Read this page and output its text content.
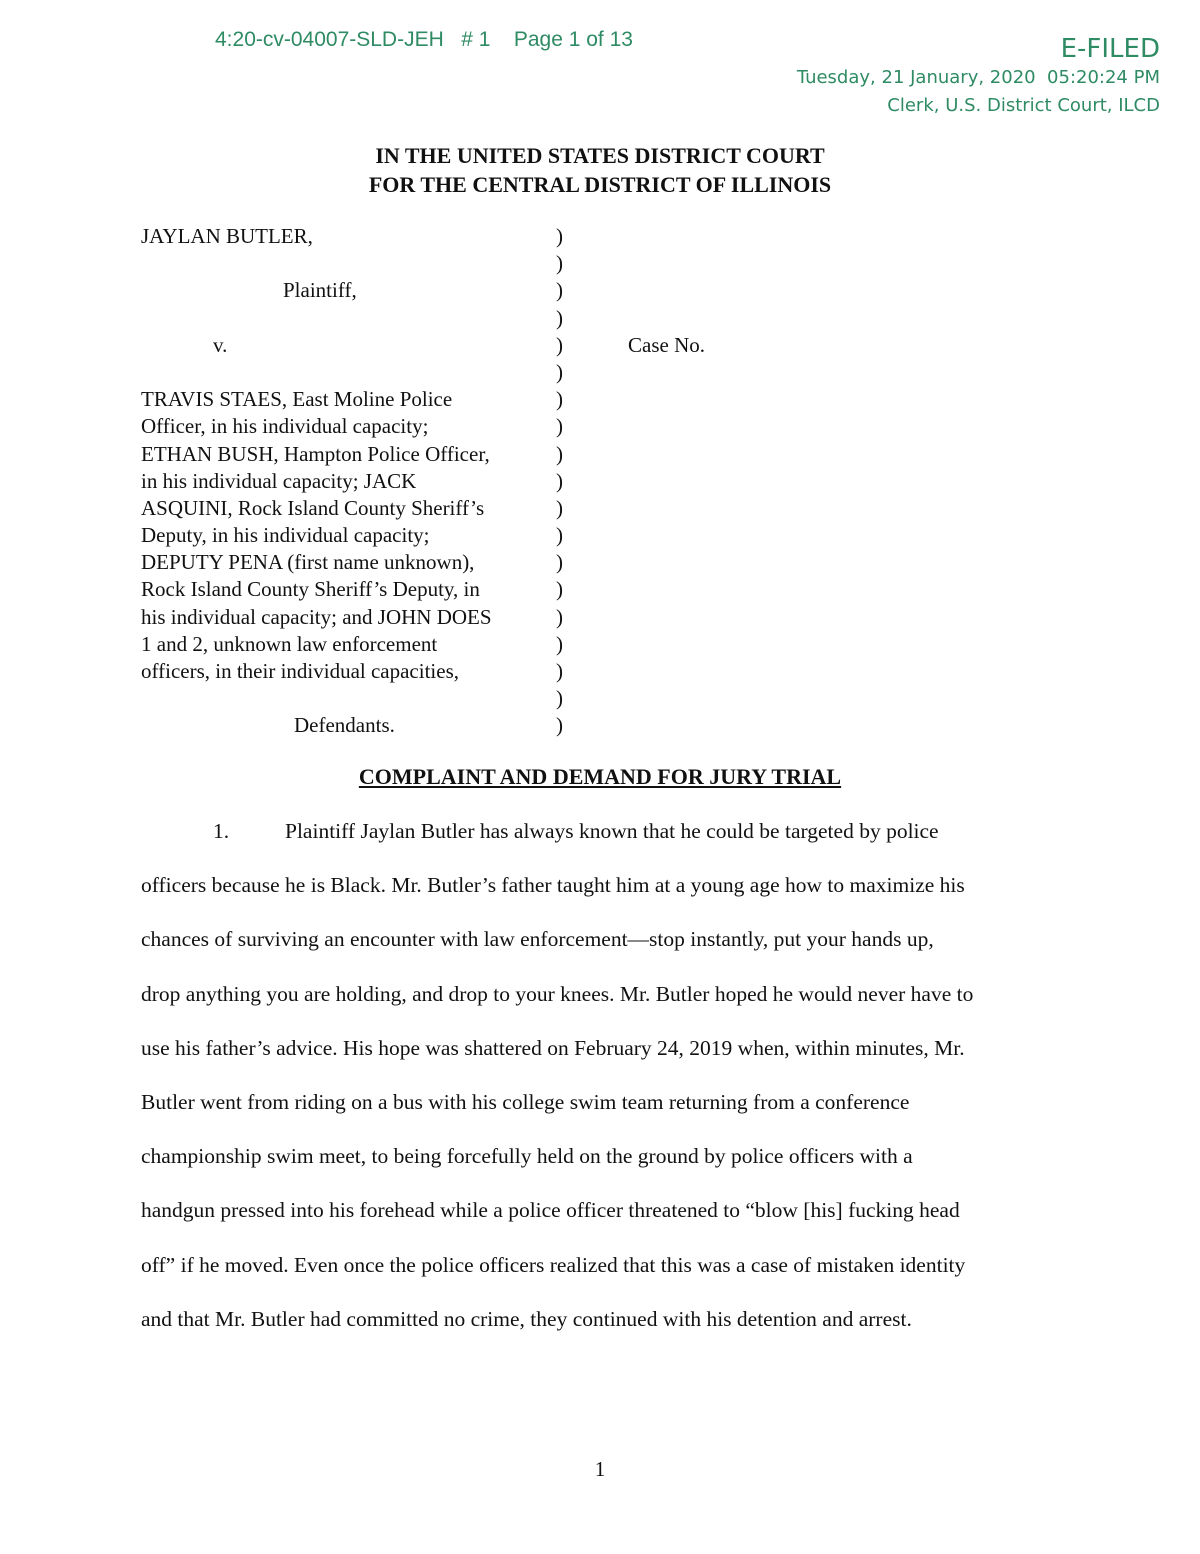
4:20-cv-04007-SLD-JEH # 1 Page 1 of 13	E-FILED
Tuesday, 21 January, 2020  05:20:24 PM
Clerk, U.S. District Court, ILCD
IN THE UNITED STATES DISTRICT COURT
FOR THE CENTRAL DISTRICT OF ILLINOIS
JAYLAN BUTLER,	)
)
Plaintiff,	)
)
v.	)	Case No.
)
TRAVIS STAES, East Moline Police	)
Officer, in his individual capacity;	)
ETHAN BUSH, Hampton Police Officer,	)
in his individual capacity; JACK	)
ASQUINI, Rock Island County Sheriff’s	)
Deputy, in his individual capacity;	)
DEPUTY PENA (first name unknown),	)
Rock Island County Sheriff’s Deputy, in	)
his individual capacity; and JOHN DOES	)
1 and 2, unknown law enforcement	)
officers, in their individual capacities,	)
)
Defendants.	)
COMPLAINT AND DEMAND FOR JURY TRIAL
1.	Plaintiff Jaylan Butler has always known that he could be targeted by police
officers because he is Black. Mr. Butler’s father taught him at a young age how to maximize his
chances of surviving an encounter with law enforcement—stop instantly, put your hands up,
drop anything you are holding, and drop to your knees. Mr. Butler hoped he would never have to
use his father’s advice. His hope was shattered on February 24, 2019 when, within minutes, Mr.
Butler went from riding on a bus with his college swim team returning from a conference
championship swim meet, to being forcefully held on the ground by police officers with a
handgun pressed into his forehead while a police officer threatened to “blow [his] fucking head
off” if he moved. Even once the police officers realized that this was a case of mistaken identity
and that Mr. Butler had committed no crime, they continued with his detention and arrest.
1
